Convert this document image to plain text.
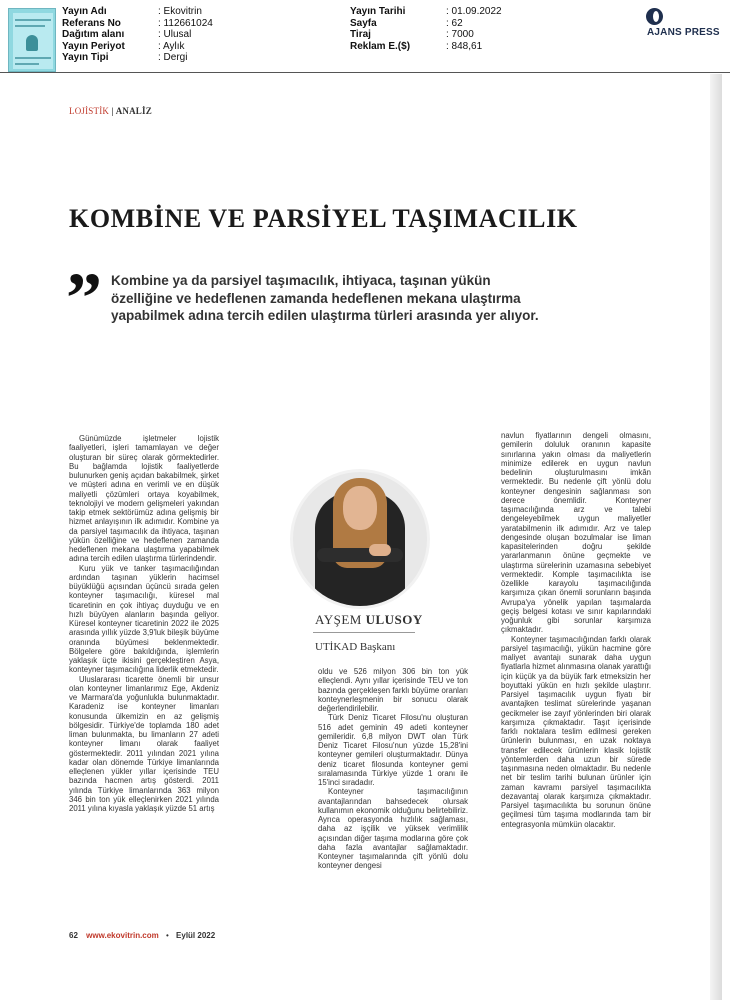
Yayın Adı	: Ekovitrin
Referans No	: 112661024
Dağıtım alanı	: Ulusal
Yayın Periyot	: Aylık
Yayın Tipi	: Dergi
Yayın Tarihi	: 01.09.2022
Sayfa	: 62
Tiraj	: 7000
Reklam E.($)	: 848,61
AJANS PRESS
LOJİSTİK | ANALİZ
KOMBİNE VE PARSİYEL TAŞIMACILIK
” Kombine ya da parsiyel taşımacılık, ihtiyaca, taşınan yükün
özelliğine ve hedeflenen zamanda hedeflenen mekana ulaştırma
yapabilmek adına tercih edilen ulaştırma türleri arasında yer alıyor.

Günümüzde işletmeler lojistik faaliyetleri, işleri tamamlayan ve değer oluşturan bir süreç olarak görmektedirler. Bu bağlamda lojistik faaliyetlerde bulunurken geniş açıdan bakabilmek, şirket ve müşteri adına en verimli ve en düşük maliyetli çözümleri ortaya koyabilmek, teknolojiyi ve modern gelişmeleri yakından takip etmek sektörümüz adına gelişmiş bir hizmet anlayışının ilk adımıdır. Kombine ya da parsiyel taşımacılık da ihtiyaca, taşınan yükün özelliğine ve hedeflenen zamanda hedeflenen mekana ulaştırma yapabilmek adına tercih edilen ulaştırma türlerindendir.

Kuru yük ve tanker taşımacılığından ardından taşınan yüklerin hacimsel büyüklüğü açısından üçüncü sırada gelen konteyner taşımacılığı, küresel mal ticaretinin en çok ihtiyaç duyduğu ve en hızlı büyüyen alanların başında geliyor. Küresel konteyner ticaretinin 2022 ile 2025 arasında yıllık yüzde 3,9'luk bileşik büyüme oranında büyümesi beklenmektedir. Bölgelere göre bakıldığında, işlemlerin yaklaşık üçte ikisini gerçekleştiren Asya, konteyner taşımacılığına liderlik etmektedir.

Uluslararası ticarette önemli bir unsur olan konteyner limanlarımız Ege, Akdeniz ve Marmara'da yoğunlukla bulunmaktadır. Karadeniz ise konteyner limanları konusunda ülkemizin en az gelişmiş bölgesidir. Türkiye'de toplamda 180 adet liman bulunmakta, bu limanların 27 adeti konteyner limanı olarak faaliyet göstermektedir. 2011 yılından 2021 yılına kadar olan dönemde Türkiye limanlarında elleçlenen yükler yıllar içerisinde TEU bazında hacmen artış gösterdi. 2011 yılında Türkiye limanlarında 363 milyon 346 bin ton yük elleçlenirken 2021 yılında 2011 yılına kıyasla yaklaşık yüzde 51 artış

AYŞEM ULUSOY
UTİKAD Başkanı

oldu ve 526 milyon 306 bin ton yük elleçlendi. Aynı yıllar içerisinde TEU ve ton bazında gerçekleşen farklı büyüme oranları konteynerleşmenin bir sonucu olarak değerlendirilebilir.

Türk Deniz Ticaret Filosu'nu oluşturan 516 adet geminin 49 adeti konteyner gemileridir. 6,8 milyon DWT olan Türk Deniz Ticaret Filosu'nun yüzde 15,28'ini konteyner gemileri oluşturmaktadır. Dünya deniz ticaret filosunda konteyner gemi sıralamasında Türkiye yüzde 1 oranı ile 15'inci sıradadır.

Konteyner taşımacılığının avantajlarından bahsedecek olursak kullanımın ekonomik olduğunu belirtebiliriz. Ayrıca operasyonda hızlılık sağlaması, daha az işçilik ve yüksek verimlilik açısından diğer taşıma modlarına göre çok daha fazla avantajlar sağlamaktadır. Konteyner taşımalarında çift yönlü dolu konteyner dengesi

navlun fiyatlarının dengeli olmasını, gemilerin doluluk oranının kapasite sınırlarına yakın olması da maliyetlerin minimize edilerek en uygun navlun bedelinin oluşturulmasını imkân vermektedir. Bu nedenle çift yönlü dolu konteyner dengesinin sağlanması son derece önemlidir. Konteyner taşımacılığında arz ve talebi dengeleyebilmek uygun maliyetler yaratabilmenin ilk adımıdır. Arz ve talep dengesinde oluşan bozulmalar ise liman kapasitelerinden doğru şekilde yararlanmanın önüne geçmekte ve ulaştırma sürelerinin uzamasına sebebiyet vermektedir. Komple taşımacılıkta ise özellikle karayolu taşımacılığında karşımıza çıkan önemli sorunların başında Avrupa'ya yönelik yapılan taşımalarda geçiş belgesi kotası ve sınır kapılarındaki yoğunluk gibi sorunlar karşımıza çıkmaktadır.

Konteyner taşımacılığından farklı olarak parsiyel taşımacılığı, yükün hacmine göre maliyet avantajı sunarak daha uygun fiyatlarla hizmet alınmasına olanak yarattığı için küçük ya da büyük fark etmeksizin her boyuttaki yükün en hızlı şekilde ulaştırır. Parsiyel taşımacılık uygun fiyatı bir avantajken teslimat sürelerinde yaşanan gecikmeler ise zayıf yönlerinden biri olarak karşımıza çıkmaktadır. Taşıt içerisinde farklı noktalara teslim edilmesi gereken ürünlerin bulunması, en uzak noktaya transfer edilecek ürünlerin klasik lojistik yöntemlerden daha uzun bir sürede taşınmasına neden olmaktadır. Bu nedenle net bir teslim tarihi bulunan ürünler için zaman kavramı parsiyel taşımacılıkta dezavantaj olarak karşımıza çıkmaktadır. Parsiyel taşımacılıkta bu sorunun önüne geçilmesi tüm taşıma modlarında tam bir entegrasyonla mümkün olacaktır.

62 www.ekovitrin.com • Eylül 2022
